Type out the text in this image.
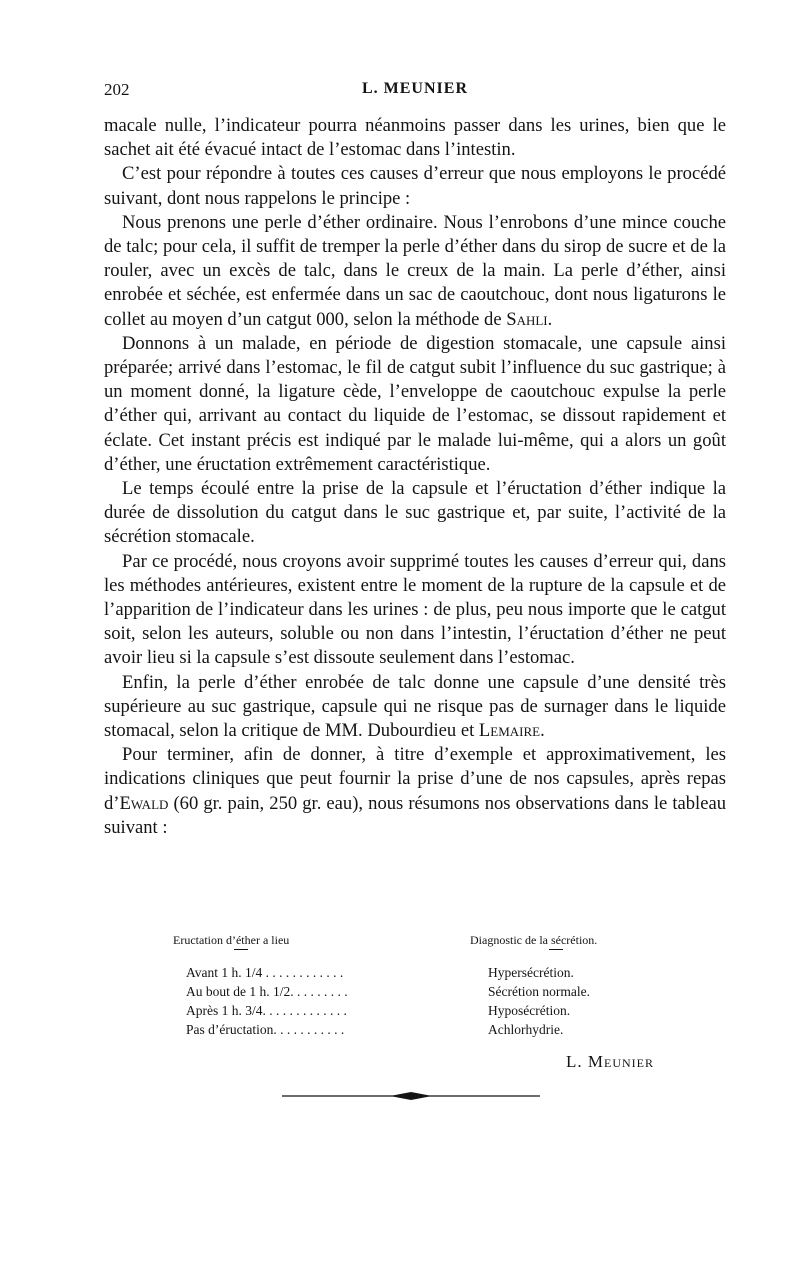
202	L. MEUNIER

macale nulle, l’indicateur pourra néanmoins passer dans les urines, bien que le sachet ait été évacué intact de l’estomac dans l’intestin.

C’est pour répondre à toutes ces causes d’erreur que nous employons le procédé suivant, dont nous rappelons le principe :

Nous prenons une perle d’éther ordinaire. Nous l’enrobons d’une mince couche de talc; pour cela, il suffit de tremper la perle d’éther dans du sirop de sucre et de la rouler, avec un excès de talc, dans le creux de la main. La perle d’éther, ainsi enrobée et séchée, est enfermée dans un sac de caoutchouc, dont nous ligaturons le collet au moyen d’un catgut 000, selon la méthode de Sahli.

Donnons à un malade, en période de digestion stomacale, une capsule ainsi préparée; arrivé dans l’estomac, le fil de catgut subit l’influence du suc gastrique; à un moment donné, la ligature cède, l’enveloppe de caoutchouc expulse la perle d’éther qui, arrivant au contact du liquide de l’estomac, se dissout rapidement et éclate. Cet instant précis est indiqué par le malade lui-même, qui a alors un goût d’éther, une éructation extrêmement caractéristique.

Le temps écoulé entre la prise de la capsule et l’éructation d’éther indique la durée de dissolution du catgut dans le suc gastrique et, par suite, l’activité de la sécrétion stomacale.

Par ce procédé, nous croyons avoir supprimé toutes les causes d’erreur qui, dans les méthodes antérieures, existent entre le moment de la rupture de la capsule et de l’apparition de l’indicateur dans les urines : de plus, peu nous importe que le catgut soit, selon les auteurs, soluble ou non dans l’intestin, l’éructation d’éther ne peut avoir lieu si la capsule s’est dissoute seulement dans l’estomac.

Enfin, la perle d’éther enrobée de talc donne une capsule d’une densité très supérieure au suc gastrique, capsule qui ne risque pas de surnager dans le liquide stomacal, selon la critique de MM. Dubourdieu et Lemaire.

Pour terminer, afin de donner, à titre d’exemple et approximativement, les indications cliniques que peut fournir la prise d’une de nos capsules, après repas d’Ewald (60 gr. pain, 250 gr. eau), nous résumons nos observations dans le tableau suivant :

Eructation d’éther a lieu	Diagnostic de la sécrétion.
Avant 1 h. 1/4 . . . . . . . . . . . .	Hypersécrétion.
Au bout de 1 h. 1/2. . . . . . . . .	Sécrétion normale.
Après 1 h. 3/4. . . . . . . . . . . . .	Hyposécrétion.
Pas d’éructation. . . . . . . . . . .	Achlorhydrie.
L. Meunier
